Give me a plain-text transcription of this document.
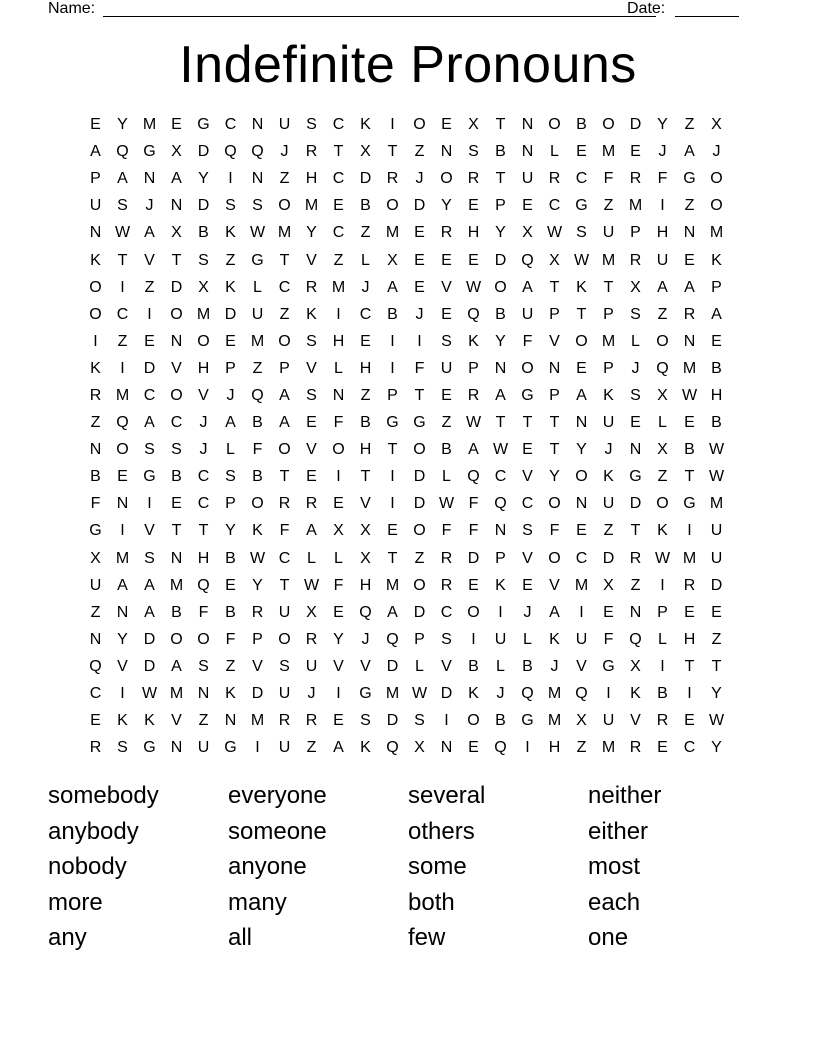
Name:	Date:
Indefinite Pronouns
E	Y M E G C N U S C K	I	O E	X	T	N O B O D Y	Z	X
A Q G X D Q Q	J	R	T	X	T	Z	N S	B N	L	E M E	J	A	J
P	A N A	Y	I	N	Z	H C D R	J	O R	T	U R C	F	R	F G O
U S	J	N D S	S O M E	B O D Y	E	P	E C G Z M	I	Z O
N W A	X	B	K W M Y C	Z M E R H Y	X W S U P H N M
K	T	V	T	S	Z G T	V	Z	L	X	E	E	E D Q X W M R U E	K
O	I	Z	D X	K	L	C R M	J	A	E	V W O A	T	K	T	X	A	A	P
O C	I	O M D U	Z	K	I	C B	J	E Q B U P	T	P	S	Z	R A
I	Z	E N O E M O S H E	I	I	S	K	Y	F	V O M L	O N E
K	I	D V H P	Z	P	V	L	H	I	F	U P N O N E	P	J	Q M B
R M C O V	J	Q A	S N	Z	P	T	E R A G P	A	K	S	X W H
Z Q A C	J	A	B	A	E	F	B G G Z W T	T	T	N U E	L	E	B
N O S	S	J	L	F O V O H	T O B	A W E	T	Y	J	N X	B W
B	E G B C S	B	T	E	I	T	I	D	L	Q C V	Y O K G Z	T W
F	N	I	E C P O R R E	V	I	D W F Q C O N U D O G M
G	I	V	T	T	Y	K	F	A	X	X	E O F	F	N S	F	E	Z	T	K	I	U
X M S N H B W C	L	L	X	T	Z	R D P	V O C D R W M U
U A	A M Q E	Y	T W F	H M O R E	K	E	V M X	Z	I	R D
Z	N A	B	F	B R U X	E Q A D C O	I	J	A	I	E N P	E	E
N Y D O O F	P O R Y	J	Q P	S	I	U	L	K U	F Q	L	H	Z
Q V D A	S	Z	V	S U V	V D	L	V	B	L	B	J	V G X	I	T	T
C	I	W M N K D U	J	I	G M W D K	J	Q M Q	I	K	B	I	Y
E	K	K	V	Z	N M R R E	S D S	I	O B G M X U V R E W
R S G N U G	I	U	Z	A	K Q X N E Q	I	H	Z M R E C Y
somebody	everyone	several	neither
anybody	someone	others	either
nobody	anyone	some	most
more	many	both	each
any	all	few	one
